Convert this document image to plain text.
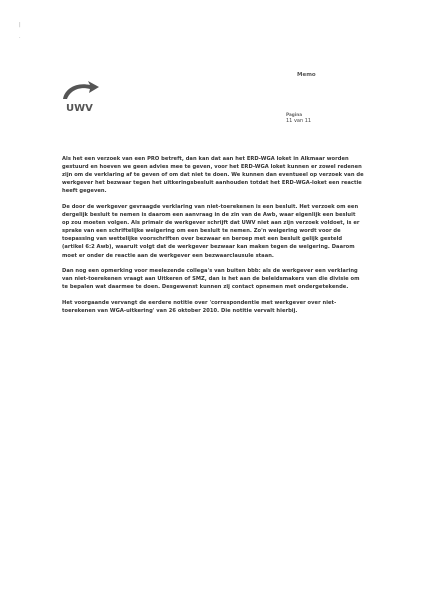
|
·
UWV
Memo
Pagina
11 van 11

Als het een verzoek van een PRO betreft, dan kan dat aan het ERD-WGA loket in Alkmaar worden gestuurd en hoeven we geen advies mee te geven, voor het ERD-WGA loket kunnen er zowel redenen zijn om de verklaring af te geven of om dat niet te doen. We kunnen dan eventueel op verzoek van de werkgever het bezwaar tegen het uitkeringsbesluit aanhouden totdat het ERD-WGA-loket een reactie heeft gegeven.

De door de werkgever gevraagde verklaring van niet-toerekenen is een besluit. Het verzoek om een dergelijk besluit te nemen is daarom een aanvraag in de zin van de Awb, waar eigenlijk een besluit op zou moeten volgen. Als primair de werkgever schrijft dat UWV niet aan zijn verzoek voldoet, is er sprake van een schriftelijke weigering om een besluit te nemen. Zo'n weigering wordt voor de toepassing van wettelijke voorschriften over bezwaar en beroep met een besluit gelijk gesteld (artikel 6:2 Awb), waaruit volgt dat de werkgever bezwaar kan maken tegen de weigering. Daarom moet er onder de reactie aan de werkgever een bezwaarclausule staan.

Dan nog een opmerking voor meelezende collega's van buiten bbb: als de werkgever een verklaring van niet-toerekenen vraagt aan Uitkeren of SMZ, dan is het aan de beleidsmakers van die divisie om te bepalen wat daarmee te doen. Desgewenst kunnen zij contact opnemen met ondergetekende.

Het voorgaande vervangt de eerdere notitie over 'correspondentie met werkgever over niet-toerekenen van WGA-uitkering' van 26 oktober 2010. Die notitie vervalt hierbij.
